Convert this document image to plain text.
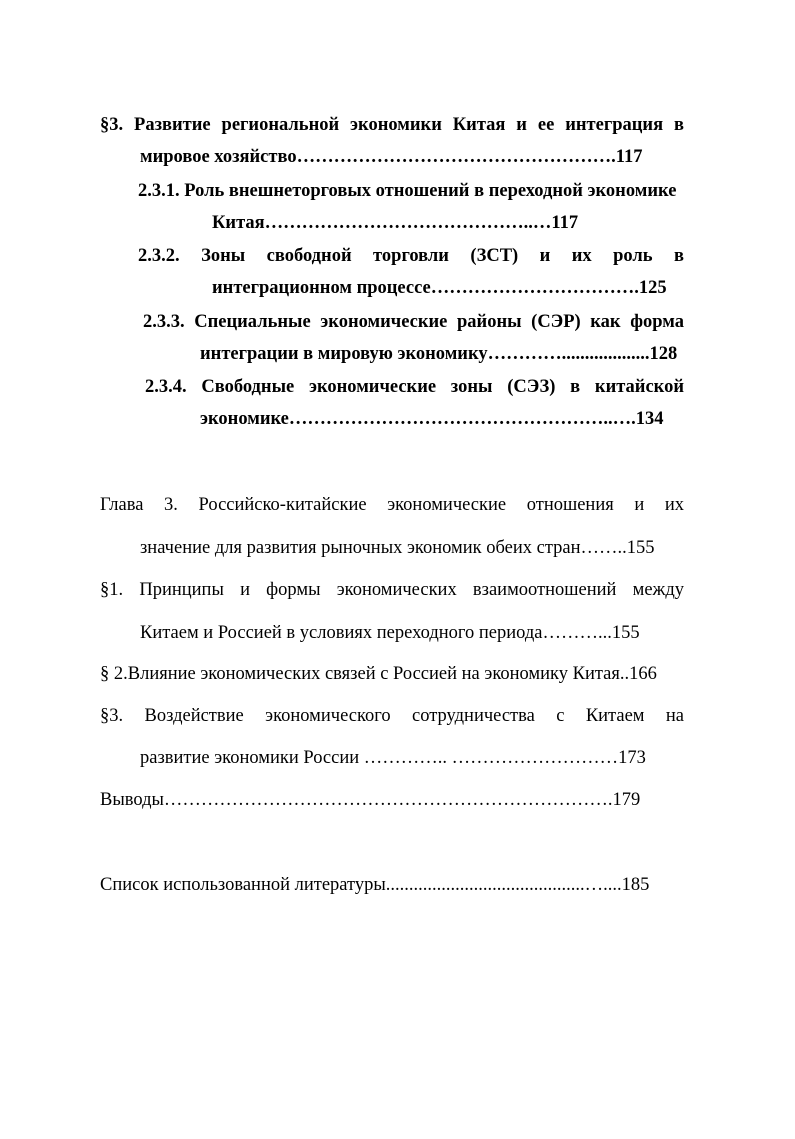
§3. Развитие региональной экономики Китая и ее интеграция в
мировое хозяйство…………………………………………….117
2.3.1. Роль внешнеторговых отношений в переходной экономике
Китая……………………………………..…117
2.3.2. Зоны свободной торговли (ЗСТ) и их роль в
интеграционном процессе…………………………….125
2.3.3. Специальные экономические районы (СЭР) как форма
интеграции в мировую экономику…………...................128
2.3.4. Свободные экономические зоны (СЭЗ) в китайской
экономике……………………………………………..….134
Глава 3. Российско-китайские экономические отношения и их
значение для развития рыночных экономик обеих стран……..155
§1. Принципы и формы экономических взаимоотношений между
Китаем и Россией в условиях переходного периода………...155
§ 2.Влияние экономических связей с Россией на экономику Китая..166
§3. Воздействие экономического сотрудничества с Китаем на
развитие экономики России ………….. ………………………173
Выводы……………………………………………………………….179
Список использованной литературы...........................................…....185
